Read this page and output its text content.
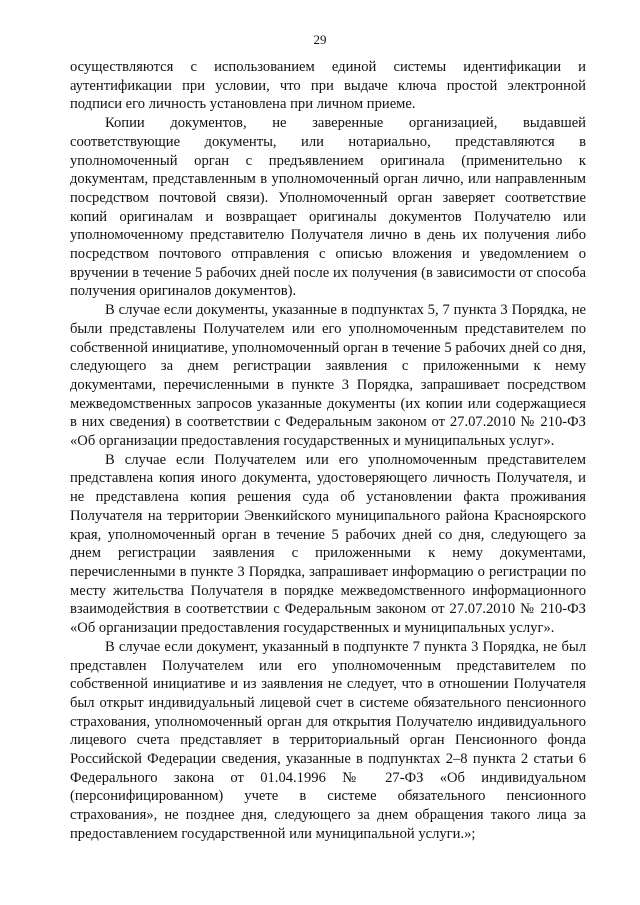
29

осуществляются с использованием единой системы идентификации и аутентификации при условии, что при выдаче ключа простой электронной подписи его личность установлена при личном приеме.

Копии документов, не заверенные организацией, выдавшей соответствующие документы, или нотариально, представляются в уполномоченный орган с предъявлением оригинала (применительно к документам, представленным в уполномоченный орган лично, или направленным посредством почтовой связи). Уполномоченный орган заверяет соответствие копий оригиналам и возвращает оригиналы документов Получателю или уполномоченному представителю Получателя лично в день их получения либо посредством почтового отправления с описью вложения и уведомлением о вручении в течение 5 рабочих дней после их получения (в зависимости от способа получения оригиналов документов).

В случае если документы, указанные в подпунктах 5, 7 пункта 3 Порядка, не были представлены Получателем или его уполномоченным представителем по собственной инициативе, уполномоченный орган в течение 5 рабочих дней со дня, следующего за днем регистрации заявления с приложенными к нему документами, перечисленными в пункте 3 Порядка, запрашивает посредством межведомственных запросов указанные документы (их копии или содержащиеся в них сведения) в соответствии с Федеральным законом от 27.07.2010 № 210-ФЗ «Об организации предоставления государственных и муниципальных услуг».

В случае если Получателем или его уполномоченным представителем представлена копия иного документа, удостоверяющего личность Получателя, и не представлена копия решения суда об установлении факта проживания Получателя на территории Эвенкийского муниципального района Красноярского края, уполномоченный орган в течение 5 рабочих дней со дня, следующего за днем регистрации заявления с приложенными к нему документами, перечисленными в пункте 3 Порядка, запрашивает информацию о регистрации по месту жительства Получателя в порядке межведомственного информационного взаимодействия в соответствии с Федеральным законом от 27.07.2010 № 210-ФЗ «Об организации предоставления государственных и муниципальных услуг».

В случае если документ, указанный в подпункте 7 пункта 3 Порядка, не был представлен Получателем или его уполномоченным представителем по собственной инициативе и из заявления не следует, что в отношении Получателя был открыт индивидуальный лицевой счет в системе обязательного пенсионного страхования, уполномоченный орган для открытия Получателю индивидуального лицевого счета представляет в территориальный орган Пенсионного фонда Российской Федерации сведения, указанные в подпунктах 2–8 пункта 2 статьи 6 Федерального закона от 01.04.1996 № 27-ФЗ «Об индивидуальном (персонифицированном) учете в системе обязательного пенсионного страхования», не позднее дня, следующего за днем обращения такого лица за предоставлением государственной или муниципальной услуги.»;
